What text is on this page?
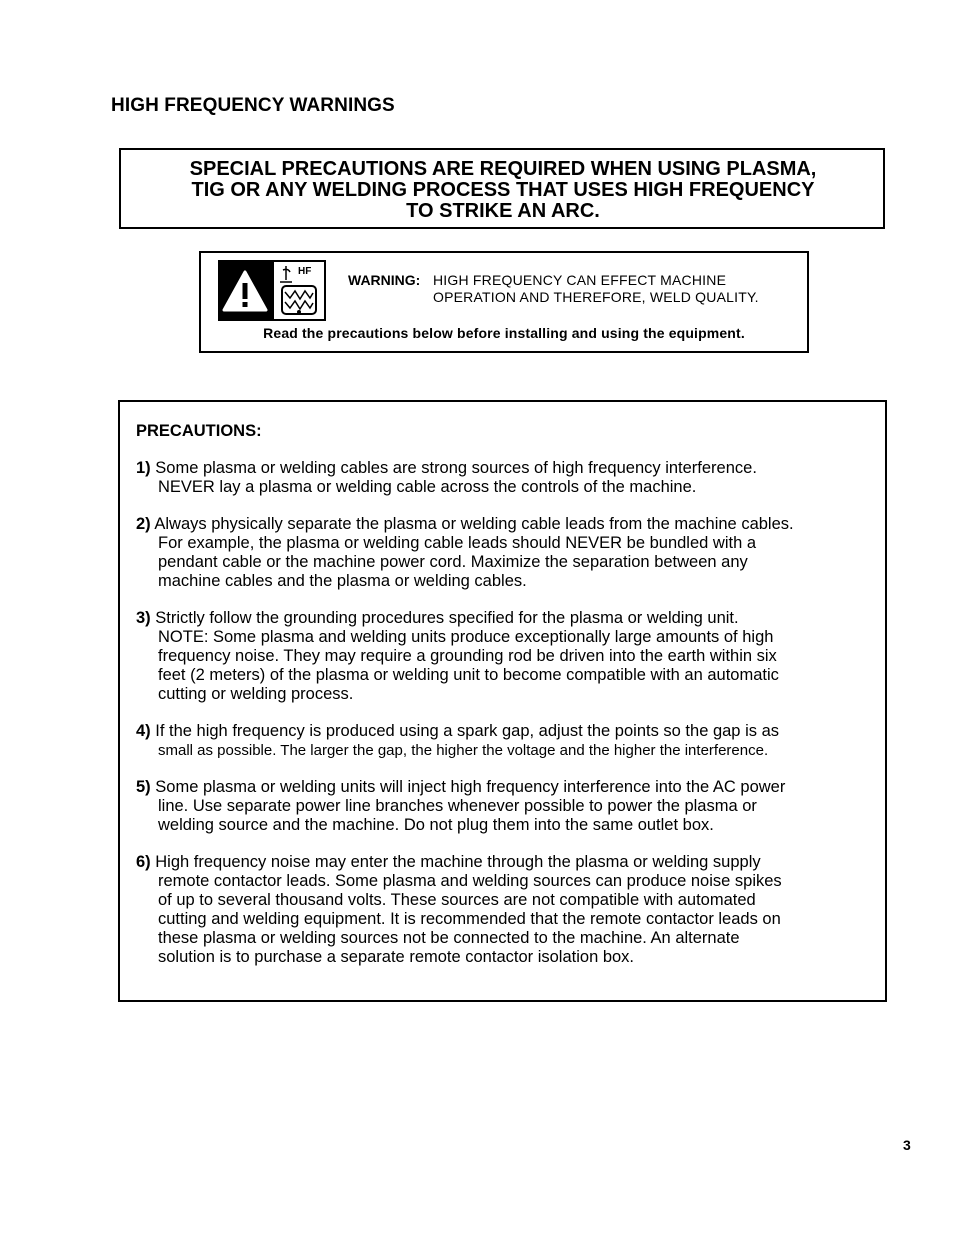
HIGH FREQUENCY WARNINGS

SPECIAL PRECAUTIONS ARE REQUIRED WHEN USING PLASMA,
TIG OR ANY WELDING PROCESS THAT USES HIGH FREQUENCY
TO STRIKE AN ARC.

HF
WARNING: HIGH FREQUENCY CAN EFFECT MACHINE
OPERATION AND THEREFORE, WELD QUALITY.
Read the precautions below before installing and using the equipment.
PRECAUTIONS:
1) Some plasma or welding cables are strong sources of high frequency interference.
NEVER lay a plasma or welding cable across the controls of the machine.
2) Always physically separate the plasma or welding cable leads from the machine cables.
For example, the plasma or welding cable leads should NEVER be bundled with a
pendant cable or the machine power cord. Maximize the separation between any
machine cables and the plasma or welding cables.
3) Strictly follow the grounding procedures specified for the plasma or welding unit.
NOTE: Some plasma and welding units produce exceptionally large amounts of high
frequency noise. They may require a grounding rod be driven into the earth within six
feet (2 meters) of the plasma or welding unit to become compatible with an automatic
cutting or welding process.
4) If the high frequency is produced using a spark gap, adjust the points so the gap is as
small as possible. The larger the gap, the higher the voltage and the higher the interference.
5) Some plasma or welding units will inject high frequency interference into the AC power
line. Use separate power line branches whenever possible to power the plasma or
welding source and the machine. Do not plug them into the same outlet box.
6) High frequency noise may enter the machine through the plasma or welding supply
remote contactor leads. Some plasma and welding sources can produce noise spikes
of up to several thousand volts. These sources are not compatible with automated
cutting and welding equipment. It is recommended that the remote contactor leads on
these plasma or welding sources not be connected to the machine. An alternate
solution is to purchase a separate remote contactor isolation box.
3
